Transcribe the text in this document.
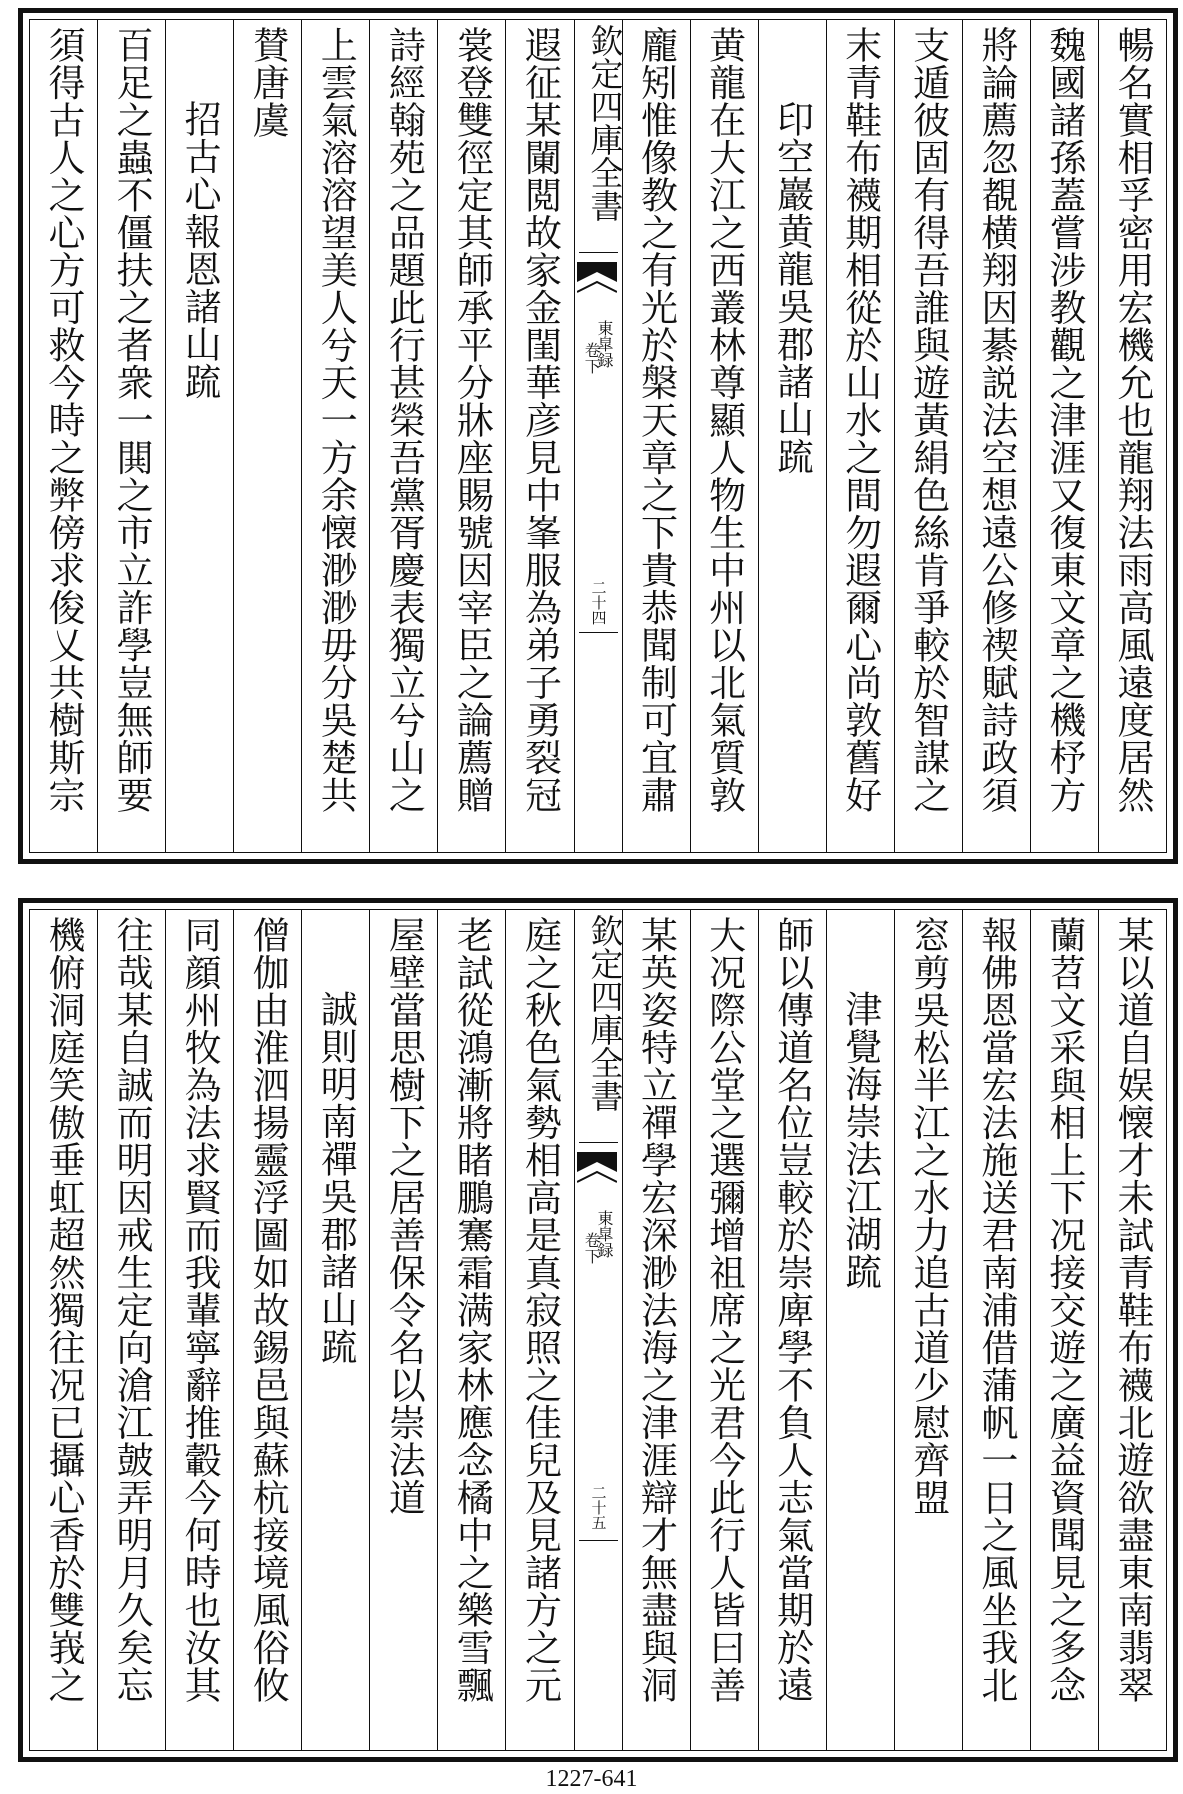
暢名實相孚密用宏機允也龍翔法雨高風遠度居然
魏國諸孫蓋嘗涉教觀之津涯又復東文章之機杼方
將論薦忽覩横翔因綦説法空想遠公修禊賦詩政須
支遁彼固有得吾誰與遊黃絹色絲肯爭較於智謀之
末青鞋布襪期相從於山水之間勿遐爾心尚敦舊好
印空巖黄龍吳郡諸山䟽
黄龍在大江之西叢林尊顯人物生中州以北氣質敦
龐矧惟像教之有光於槃天章之下貴恭聞制可宜肅
欽定四庫全書
東皐録
卷下
二十四
遐征某䦨閲故家金閨華彦見中峯服為弟子勇裂冠
裳登雙徑定其師承平分牀座賜號因宰臣之論薦贈
詩經翰苑之品題此行甚榮吾黨胥慶表獨立兮山之
上雲氣溶溶望美人兮天一方余懐渺渺毋分吳楚共
賛唐虞
招古心報恩諸山䟽
百足之蟲不僵扶之者衆一閧之市立詐學豈無師要
須得古人之心方可救今時之弊傍求俊乂共樹斯宗
某以道自娱懐才未試青鞋布襪北遊欲盡東南翡翠
蘭苕文采與相上下况接交遊之廣益資聞見之多念
報佛恩當宏法施送君南浦借蒲帆一日之風坐我北
窓剪吳松半江之水力追古道少慰齊盟
津覺海崇法江湖䟽
師以傳道名位豈較於崇庳學不負人志氣當期於遠
大况際公堂之選彌增祖席之光君今此行人皆曰善
某英姿特立禪學宏深渺法海之津涯辯才無盡與洞
欽定四庫全書
東皐録
卷下
二十五
庭之秋色氣勢相高是真寂照之佳兒及見諸方之元
老試從鴻漸將睹鵬騫霜满家林應念橘中之樂雪飄
屋壁當思樹下之居善保令名以崇法道
誠則明南禪吳郡諸山䟽
僧伽由淮泗揚靈浮圖如故錫邑與蘇杭接境風俗攸
同顔州牧為法求賢而我輩寧辭推轂今何時也汝其
往哉某自誠而明因戒生定向滄江皷弄明月久矣忘
機俯洞庭笑傲垂虹超然獨往况已攝心香於雙峩之
1227-641
